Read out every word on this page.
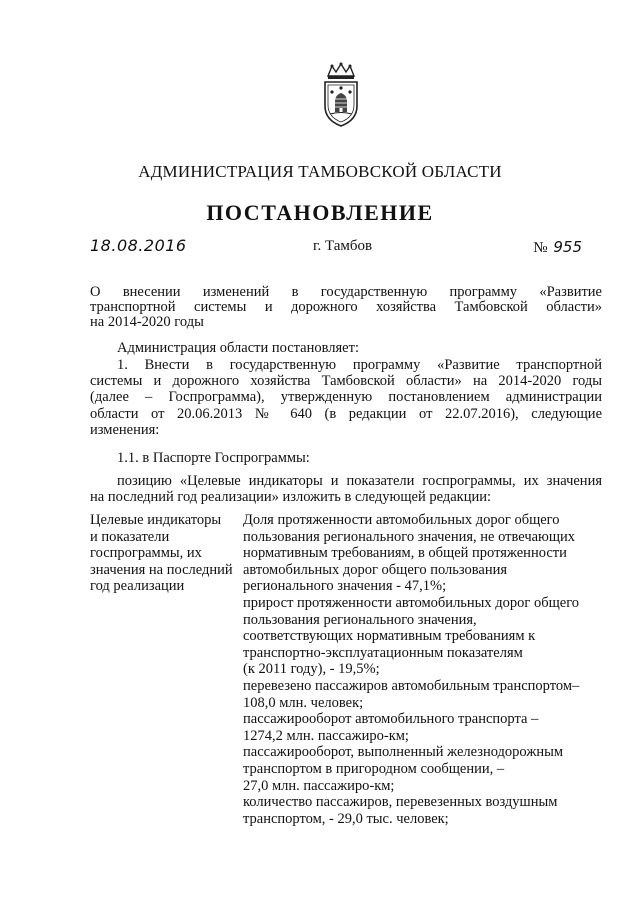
АДМИНИСТРАЦИЯ ТАМБОВСКОЙ ОБЛАСТИ
ПОСТАНОВЛЕНИЕ
18.08.2016	г. Тамбов	№ 955
О внесении изменений в государственную программу «Развитие
транспортной системы и дорожного хозяйства Тамбовской области»
на 2014-2020 годы
Администрация области постановляет:
1. Внести в государственную программу «Развитие транспортной
системы и дорожного хозяйства Тамбовской области» на 2014-2020 годы
(далее – Госпрограмма), утвержденную постановлением администрации
области от 20.06.2013 № 640 (в редакции от 22.07.2016), следующие
изменения:
1.1. в Паспорте Госпрограммы:
позицию «Целевые индикаторы и показатели госпрограммы, их значения
на последний год реализации» изложить в следующей редакции:
Целевые индикаторы
и показатели
госпрограммы, их
значения на последний
год реализации
Доля протяженности автомобильных дорог общего
пользования регионального значения, не отвечающих
нормативным требованиям, в общей протяженности
автомобильных дорог общего пользования
регионального значения - 47,1%;
прирост протяженности автомобильных дорог общего
пользования регионального значения,
соответствующих нормативным требованиям к
транспортно-эксплуатационным показателям
(к 2011 году), - 19,5%;
перевезено пассажиров автомобильным транспортом–
108,0 млн. человек;
пассажирооборот автомобильного транспорта –
1274,2 млн. пассажиро-км;
пассажирооборот, выполненный железнодорожным
транспортом в пригородном сообщении, –
27,0 млн. пассажиро-км;
количество пассажиров, перевезенных воздушным
транспортом, - 29,0 тыс. человек;
